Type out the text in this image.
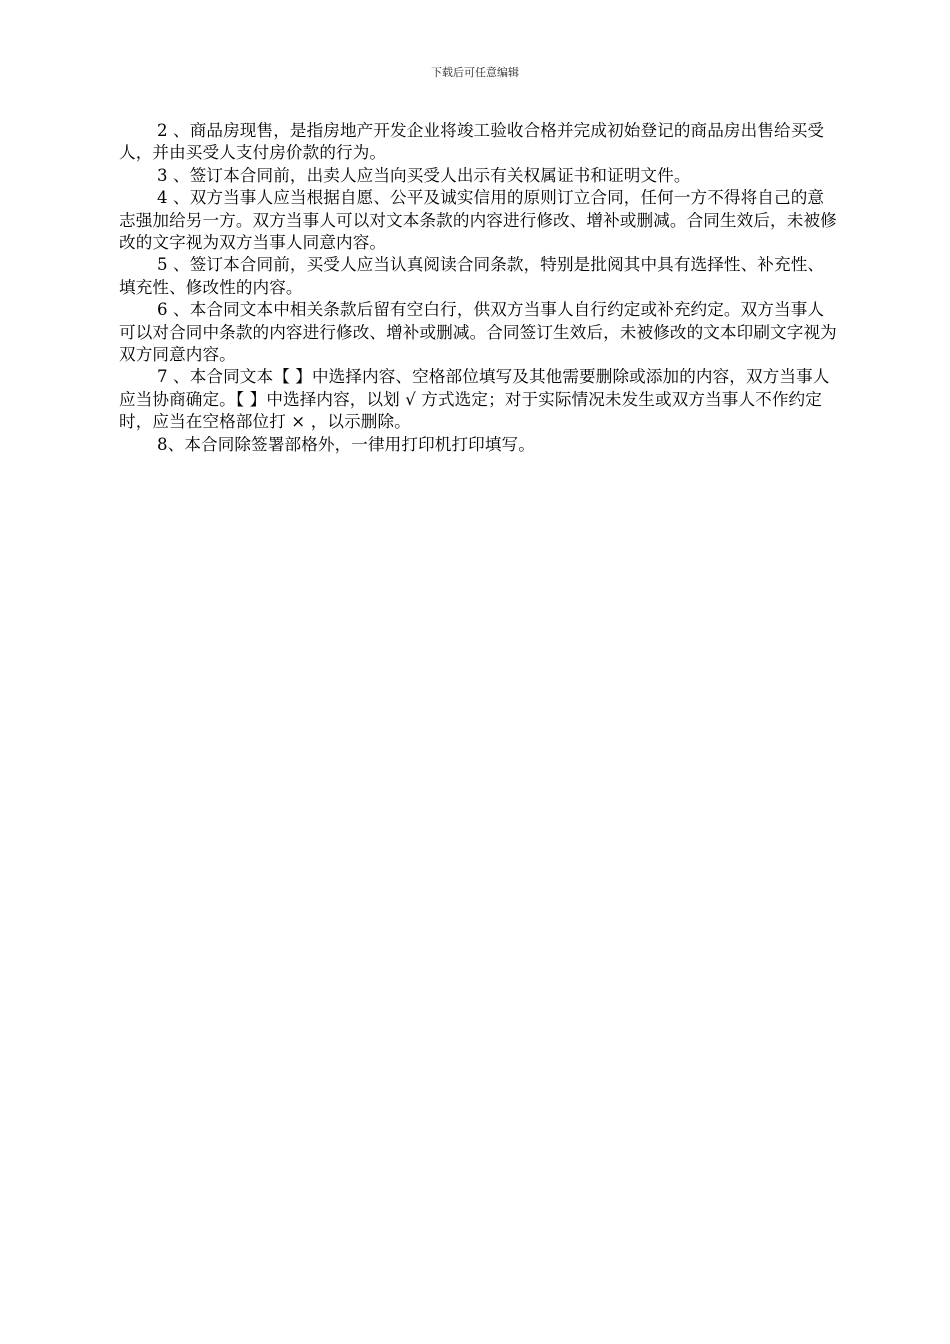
下载后可任意编辑

2 、商品房现售，是指房地产开发企业将竣工验收合格并完成初始登记的商品房出售给买受人，并由买受人支付房价款的行为。

3 、签订本合同前，出卖人应当向买受人出示有关权属证书和证明文件。

4 、双方当事人应当根据自愿、公平及诚实信用的原则订立合同，任何一方不得将自己的意志强加给另一方。双方当事人可以对文本条款的内容进行修改、增补或删减。合同生效后，未被修改的文字视为双方当事人同意内容。

5 、签订本合同前，买受人应当认真阅读合同条款，特别是批阅其中具有选择性、补充性、填充性、修改性的内容。

6 、本合同文本中相关条款后留有空白行，供双方当事人自行约定或补充约定。双方当事人可以对合同中条款的内容进行修改、增补或删减。合同签订生效后，未被修改的文本印刷文字视为双方同意内容。

7 、本合同文本【 】中选择内容、空格部位填写及其他需要删除或添加的内容，双方当事人应当协商确定。【 】中选择内容，以划 √ 方式选定；对于实际情况未发生或双方当事人不作约定时，应当在空格部位打 × ，以示删除。

8、本合同除签署部格外，一律用打印机打印填写。
